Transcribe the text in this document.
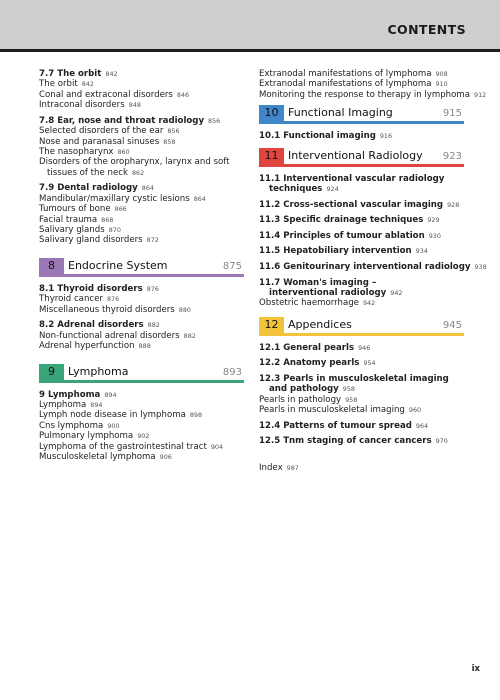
CONTENTS
7.7 The orbit 842
The orbit 842
Conal and extraconal disorders 846
Intraconal disorders 848
7.8 Ear, nose and throat radiology 856
Selected disorders of the ear 856
Nose and paranasal sinuses 858
The nasopharynx 860
Disorders of the oropharynx, larynx and soft tissues of the neck 862
7.9 Dental radiology 864
Mandibular/maxillary cystic lesions 864
Tumours of bone 866
Facial trauma 868
Salivary glands 870
Salivary gland disorders 872
8	Endocrine System	875
8.1 Thyroid disorders 876
Thyroid cancer 876
Miscellaneous thyroid disorders 880
8.2 Adrenal disorders 882
Non-functional adrenal disorders 882
Adrenal hyperfunction 888
9	Lymphoma	893
9 Lymphoma 894
Lymphoma 894
Lymph node disease in lymphoma 898
Cns lymphoma 900
Pulmonary lymphoma 902
Lymphoma of the gastrointestinal tract 904
Musculoskeletal lymphoma 906
Extranodal manifestations of lymphoma 908
Extranodal manifestations of lymphoma 910
Monitoring the response to therapy in lymphoma 912
10 Functional Imaging	915
10.1 Functional imaging 916
11 Interventional Radiology 923
11.1 Interventional vascular radiology techniques 924
11.2 Cross-sectional vascular imaging 928
11.3 Specific drainage techniques 929
11.4 Principles of tumour ablation 930
11.5 Hepatobiliary intervention 934
11.6 Genitourinary interventional radiology 938
11.7 Woman's imaging – interventional radiology 942
Obstetric haemorrhage 942
12 Appendices	945
12.1 General pearls 946
12.2 Anatomy pearls 954
12.3 Pearls in musculoskeletal imaging and pathology 958
Pearls in pathology 958
Pearls in musculoskeletal imaging 960
12.4 Patterns of tumour spread 964
12.5 Tnm staging of cancer cancers 970
Index 987
ix
